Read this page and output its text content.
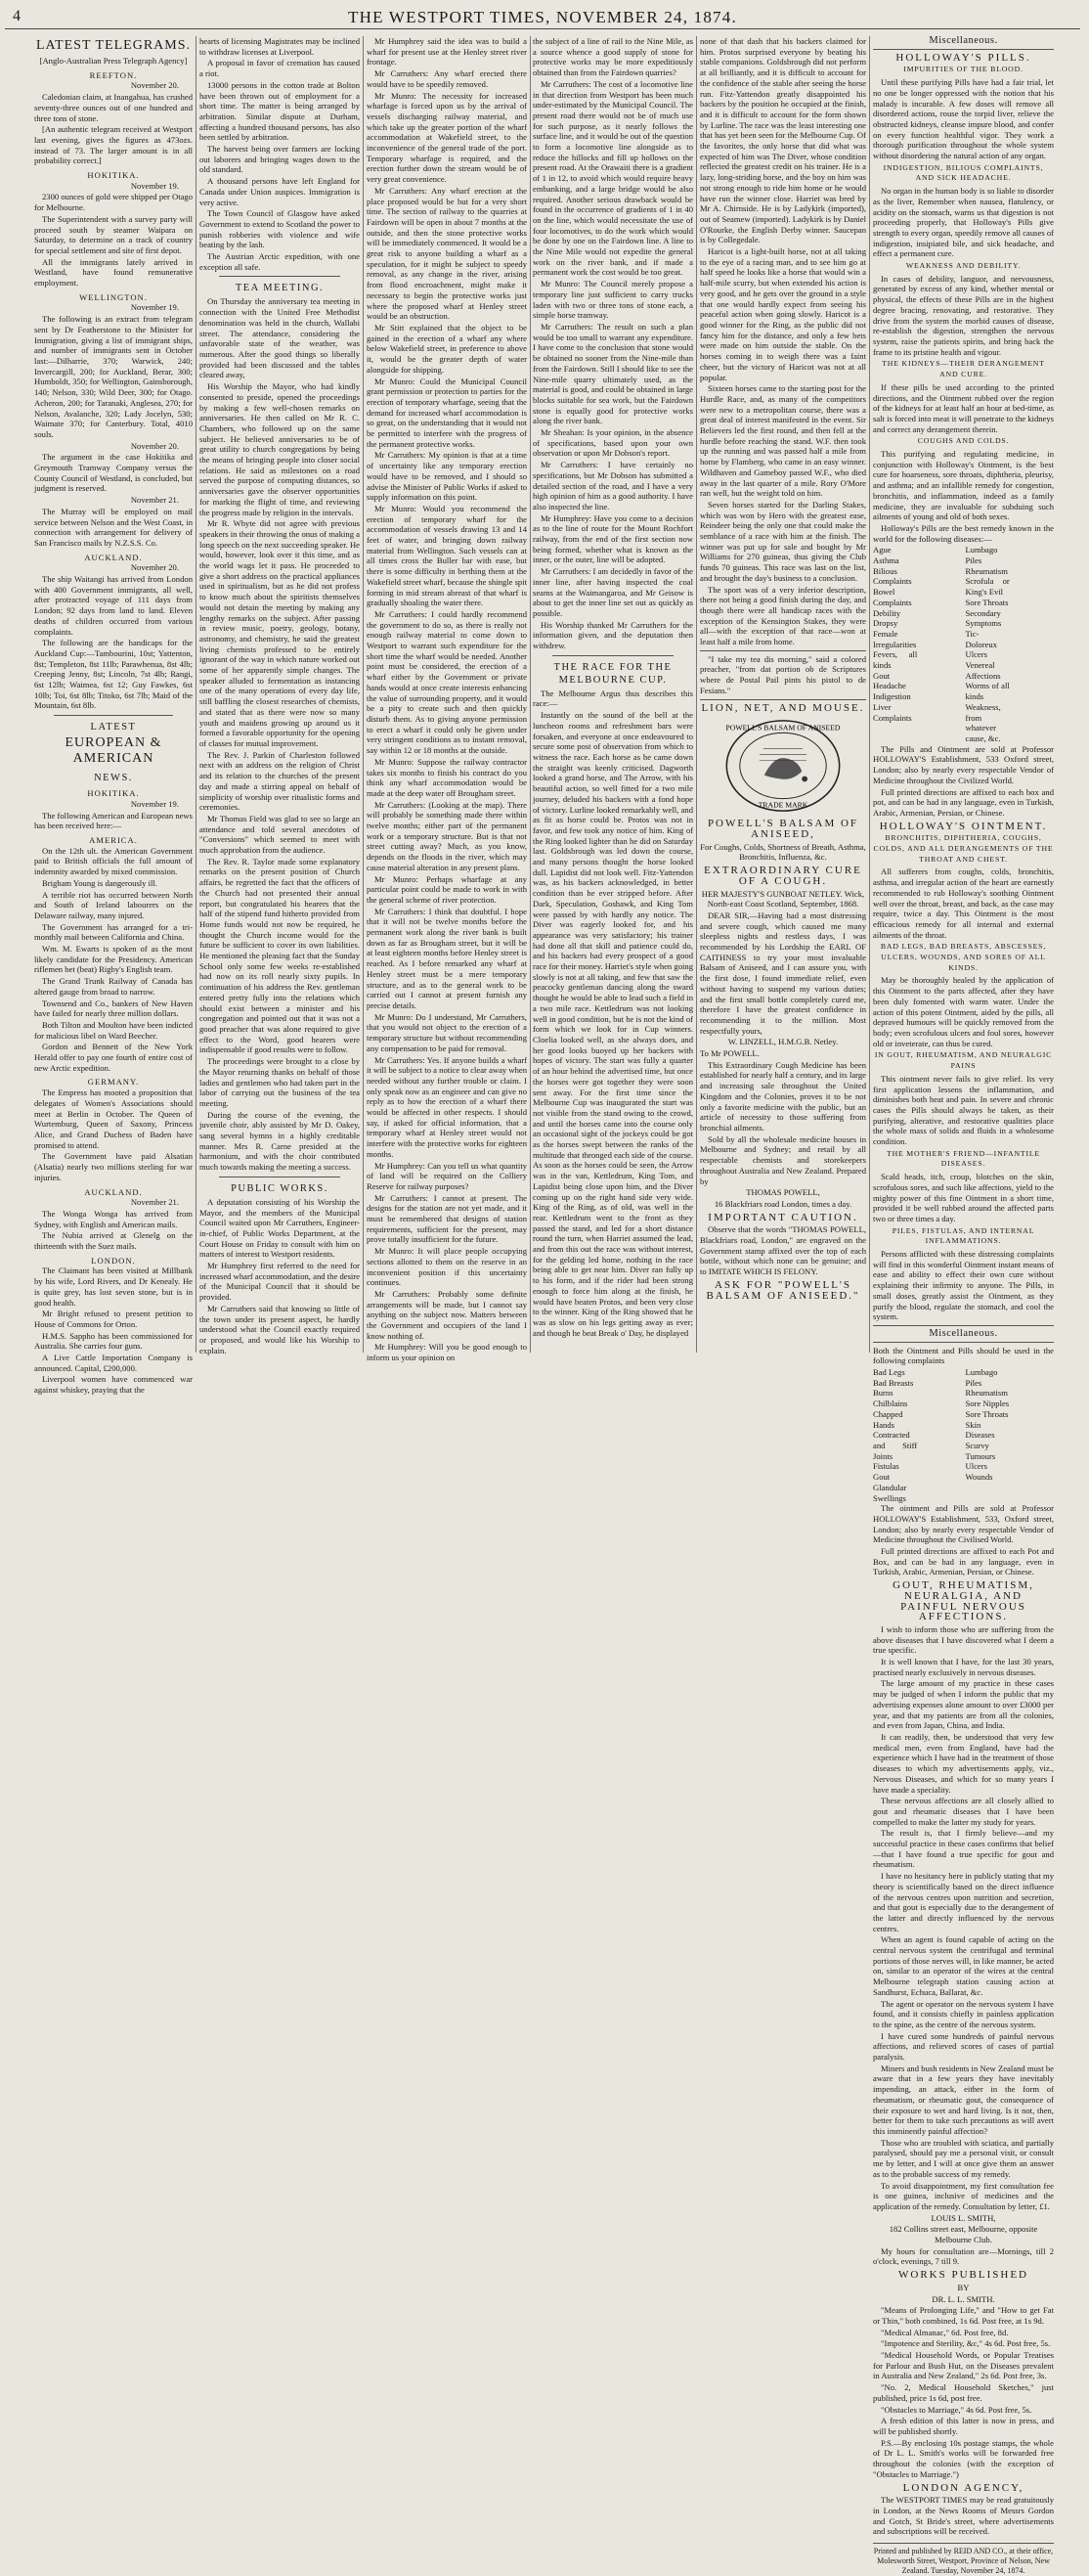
4	THE WESTPORT TIMES, NOVEMBER 24, 1874.
LATEST TELEGRAMS.
[Anglo-Australian Press Telegraph Agency]
REEFTON.

November 20.

Caledonian claim, at Inangahua, has crushed seventy-three ounces out of one hundred and three tons of stone.

[An authentic telegram received at Westport last evening, gives the figures as 473ozs. instead of 73. The larger amount is in all probability correct.]

HOKITIKA.

November 19.

2300 ounces of gold were shipped per Otago for Melbourne.

The Superintendent with a survey party will proceed south by steamer Waipara on Saturday, to determine on a track of country for special settlement and site of first depot.

All the immigrants lately arrived in Westland, have found remunerative employment.

WELLINGTON.

November 19.

The following is an extract from telegram sent by Dr Featherstone to the Minister for Immigration, giving a list of immigrant ships, and number of immigrants sent in October last:—Dilharrie, 370; Warwick, 240; Invercargill, 200; for Auckland, Berar, 300; Humboldt, 350; for Wellington, Gainsborough, 140; Nelson, 330; Wild Deer, 300; for Otago. Acheron, 200; for Taranaki, Anglesea, 270; for Nelson, Avalanche, 320; Lady Jocelyn, 530; Waimate 370; for Canterbury. Total, 4010 souls.

November 20.

The argument in the case Hokitika and Greymouth Tramway Company versus the County Council of Westland, is concluded, but judgment is reserved.

November 21.

The Murray will be employed on mail service between Nelson and the West Coast, in connection with arrangement for delivery of San Francisco mails by N.Z.S.S. Co.

AUCKLAND.

November 20.

The ship Waitangi has arrived from London with 400 Government immigrants, all well, after protracted voyage of 111 days from London; 92 days from land to land. Eleven deaths of children occurred from various complaints.

The following are the handicaps for the Auckland Cup:—Tambourini, 10st; Yattenton, 8st; Templeton, 8st 11lb; Parawhenua, 8st 4lb; Creeping Jenny, 8st; Lincoln, 7st 4lb; Rangi, 6st 12lb; Waimea, 6st 12; Guy Fawkes, 6st 10lb; Toi, 6st 8lb; Titoko, 6st 7lb; Maid of the Mountain, 6st 8lb.

LATEST
EUROPEAN & AMERICAN
NEWS.
HOKITIKA.

November 19.

The following American and European news has been received here:—

AMERICA.

On the 12th ult. the American Government paid to British officials the full amount of indemnity awarded by mixed commission.

Brigham Young is dangerously ill.

A terrible riot has occurred between North and South of Ireland labourers on the Delaware railway, many injured.

The Government has arranged for a tri-monthly mail between California and China.

Wm. M. Ewarts is spoken of as the most likely candidate for the Presidency. American riflemen bet (beat) Rigby's English team.

The Grand Trunk Railway of Canada has altered gauge from broad to narrow.

Townsend and Co., bankers of New Haven have failed for nearly three million dollars.

Both Tilton and Moulton have been indicted for malicious libel on Ward Beecher.

Gordon and Bennett of the New York Herald offer to pay one fourth of entire cost of new Arctic expedition.

GERMANY.

The Empress has mooted a proposition that delegates of Women's Associations should meet at Berlin in October. The Queen of Wurtemburg, Queen of Saxony, Princess Alice, and Grand Duchess of Baden have promised to attend.

The Government have paid Alsatian (Alsatia) nearly two millions sterling for war injuries.

AUCKLAND.

November 21.

The Wonga Wonga has arrived from Sydney, with English and American mails.

The Nubia arrived at Glenelg on the thirteenth with the Suez mails.

LONDON.

The Claimant has been visited at Millbank by his wife, Lord Rivers, and Dr Kenealy. He is quite grey, has lost seven stone, but is in good health.

Mr Bright refused to present petition to House of Commons for Orton.

H.M.S. Sappho has been commissioned for Australia. She carries four guns.

A Live Cattle Importation Company is announced. Capital, £200,000.

Liverpool women have commenced war against whiskey, praying that the

hearts of licensing Magistrates may be inclined to withdraw licenses at Liverpool.

A proposal in favor of cremation has caused a riot.

13000 persons in the cotton trade at Bolton have been thrown out of employment for a short time. The matter is being arranged by arbitration. Similar dispute at Durham, affecting a hundred thousand persons, has also been settled by arbitration.

The harvest being over farmers are locking out laborers and bringing wages down to the old standard.

A thousand persons have left England for Canada under Union auspices. Immigration is very active.

The Town Council of Glasgow have asked Government to extend to Scotland the power to punish robberies with violence and wife beating by the lash.

The Austrian Arctic expedition, with one exception all safe.

TEA MEETING.

On Thursday the anniversary tea meeting in connection with the United Free Methodist denomination was held in the church, Wallabi street. The attendance, considering the unfavorable state of the weather, was numerous. After the good things so liberally provided had been discussed and the tables cleared away,

His Worship the Mayor, who had kindly consented to preside, opened the proceedings by making a few well-chosen remarks on anniversaries. He then called on Mr R. C. Chambers, who followed up on the same subject. He believed anniversaries to be of great utility to church congregations by being the means of bringing people into closer social relations. He said as milestones on a road served the purpose of computing distances, so anniversaries gave the observer opportunities for marking the flight of time, and reviewing the progress made by religion in the intervals.

Mr R. Whyte did not agree with previous speakers in their throwing the onus of making a long speech on the next succeeding speaker. He would, however, look over it this time, and as the world wags let it pass. He proceeded to give a short address on the practical appliances used in spiritualism, but as he did not profess to know much about the spiritists themselves would not detain the meeting by making any lengthy remarks on the subject. After passing in review music, poetry, geology, botany, astronomy, and chemistry, he said the greatest living chemists professed to be entirely ignorant of the way in which nature worked out some of her apparently simple changes. The speaker alluded to fermentation as instancing one of the many operations of every day life, still baffling the closest researches of chemists, and stated that as there were now so many youth and maidens growing up around us it formed a favorable opportunity for the opening of classes for mutual improvement.

The Rev. J. Parkin of Charleston followed next with an address on the religion of Christ and its relation to the churches of the present day and made a stirring appeal on behalf of simplicity of worship over ritualistic forms and ceremonies.

Mr Thomas Field was glad to see so large an attendance and told several anecdotes of "Conversions" which seemed to meet with much approbation from the audience.

The Rev. R. Taylor made some explanatory remarks on the present position of Church affairs, he regretted the fact that the officers of the Church had not presented their annual report, but congratulated his hearers that the half of the stipend fund hitherto provided from Home funds would not now be required, he thought the Church income would for the future be sufficient to cover its own liabilities. He mentioned the pleasing fact that the Sunday School only some few weeks re-established had now on its roll nearly sixty pupils. In continuation of his address the Rev. gentleman entered pretty fully into the relations which should exist between a minister and his congregation and pointed out that it was not a good preacher that was alone required to give effect to the Word, good hearers were indispensable if good results were to follow.

The proceedings were brought to a close by the Mayor returning thanks on behalf of those ladies and gentlemen who had taken part in the labor of carrying out the business of the tea meeting.

During the course of the evening, the juvenile choir, ably assisted by Mr D. Oakey, sang several hymns in a highly creditable manner. Mrs R. Carne presided at the harmonium, and with the choir contributed much towards making the meeting a success.

PUBLIC WORKS.

A deputation consisting of his Worship the Mayor, and the members of the Municipal Council waited upon Mr Carruthers, Engineer-in-chief, of Public Works Department, at the Court House on Friday to consult with him on matters of interest to Westport residents.

Mr Humphrey first referred to the need for increased wharf accommodation, and the desire of the Municipal Council that it should be provided.

Mr Carruthers said that knowing so little of the town under its present aspect, he hardly understood what the Council exactly required or proposed, and would like his Worship to explain.

Mr Humphrey said the idea was to build a wharf for present use at the Henley street river frontage.

Mr Carruthers: Any wharf erected there would have to be speedily removed.

Mr Munro: The necessity for increased wharfage is forced upon us by the arrival of vessels discharging railway material, and which take up the greater portion of the wharf accommodation at Wakefield street, to the inconvenience of the general trade of the port. Temporary wharfage is required, and the erection further down the stream would be of very great convenience.

Mr Carruthers: Any wharf erection at the place proposed would be but for a very short time. The section of railway to the quarries at Fairdown will be open in about 7 months at the outside, and then the stone protective works will be immediately commenced. It would be a great risk to anyone building a wharf as a speculation, for it might be subject to speedy removal, as any change in the river, arising from flood encroachment, might make it necessary to begin the protective works just where the proposed wharf at Henley street would be an obstruction.

Mr Stitt explained that the object to be gained in the erection of a wharf any where below Wakefield street, in preference to above it, would be the greater depth of water alongside for shipping.

Mr Munro: Could the Municipal Council grant permission or protection to parties for the erection of temporary wharfage, seeing that the demand for increased wharf accommodation is so great, on the understanding that it would not be permitted to interfere with the progress of the permanent protective works.

Mr Carruthers: My opinion is that at a time of uncertainty like any temporary erection would have to be removed, and I should so advise the Minister of Public Works if asked to supply information on this point.

Mr Munro: Would you recommend the erection of temporary wharf for the accommodation of vessels drawing 13 and 14 feet of water, and bringing down railway material from Wellington. Such vessels can at all times cross the Buller bar with ease, but there is some difficulty in berthing them at the Wakefield street wharf, because the shingle spit forming in mid stream abreast of that wharf is gradually shoaling the water there.

Mr Carruthers: I could hardly recommend the government to do so, as there is really not enough railway material to come down to Westport to warrant such expenditure for the short time the wharf would be needed. Another point must be considered, the erection of a wharf either by the Government or private hands would at once create interests enhancing the value of surrounding property, and it would be a pity to create such and then quickly disturb them. As to giving anyone permission to erect a wharf it could only be given under very stringent conditions as to instant removal, say within 12 or 18 months at the outside.

Mr Munro: Suppose the railway contractor takes six months to finish his contract do you think any wharf accommodation would be made at the deep water off Brougham street.

Mr Carruthers: (Looking at the map). There will probably be something made there within twelve months; either part of the permanent work or a temporary structure. But is that not street cutting away? Much, as you know, depends on the floods in the river, which may cause material alteration in any present plans.

Mr Munro: Perhaps wharfage at any particular point could be made to work in with the general scheme of river protection.

Mr Carruthers: I think that doubtful. I hope that it will not be twelve months before the permanent work along the river bank is built down as far as Brougham street, but it will be at least eighteen months before Henley street is reached. As I before remarked any wharf at Henley street must be a mere temporary structure, and as to the general work to be carried out I cannot at present furnish any precise details.

Mr Munro: Do I understand, Mr Carruthers, that you would not object to the erection of a temporary structure but without recommending any compensation to be paid for removal.

Mr Carruthers: Yes. If anyone builds a wharf it will be subject to a notice to clear away when needed without any further trouble or claim. I only speak now as an engineer and can give no reply as to how the erection of a wharf there would be affected in other respects. I should say, if asked for official information, that a temporary wharf at Henley street would not interfere with the protective works for eighteen months.

Mr Humphrey: Can you tell us what quantity of land will be required on the Colliery Reserve for railway purposes?

Mr Carruthers: I cannot at present. The designs for the station are not yet made, and it must be remembered that designs of station requirements, sufficient for the present, may prove totally insufficient for the future.

Mr Munro: It will place people occupying sections allotted to them on the reserve in an inconvenient position if this uncertainty continues.

Mr Carruthers: Probably some definite arrangements will be made, but I cannot say anything on the subject now. Matters between the Government and occupiers of the land I know nothing of.

Mr Humphrey: Will you be good enough to inform us your opinion on

the subject of a line of rail to the Nine Mile, as a source whence a good supply of stone for protective works may be more expeditiously obtained than from the Fairdown quarries?

Mr Carruthers: The cost of a locomotive line in that direction from Westport has been much under-estimated by the Municipal Council. The present road there would not be of much use for such purpose, as it nearly follows the surface line, and it would be out of the question to form a locomotive line alongside as to reduce the hillocks and fill up hollows on the present road. At the Orawaiti there is a gradient of 1 in 12, to avoid which would require heavy embanking, and a large bridge would be also required. Another serious drawback would be found in the occurrence of gradients of 1 in 40 on the line, which would necessitate the use of four locomotives, to do the work which would be done by one on the Fairdown line. A line to the Nine Mile would not expedite the general work on the river bank, and if made a permanent work the cost would be too great.

Mr Munro: The Council merely propose a temporary line just sufficient to carry trucks laden with two or three tons of stone each, a simple horse tramway.

Mr Carruthers: The result on such a plan would be too small to warrant any expenditure. I have come to the conclusion that stone would be obtained no sooner from the Nine-mile than from the Fairdown. Still I should like to see the Nine-mile quarry ultimately used, as the material is good, and could be obtained in large blocks suitable for sea work, but the Fairdown stone is equally good for protective works along the river bank.

Mr Sheahan: Is your opinion, in the absence of specifications, based upon your own observation or upon Mr Dobson's report.

Mr Carruthers: I have certainly no specifications, but Mr Dobson has submitted a detailed section of the road, and I have a very high opinion of him as a good authority. I have also inspected the line.

Mr Humphrey: Have you come to a decision as to the line of route for the Mount Rochfort railway, from the end of the first section now being formed, whether what is known as the inner, or the outer, line will be adopted.

Mr Carruthers: I am decidedly in favor of the inner line, after having inspected the coal seams at the Waimangaroa, and Mr Geisow is about to get the inner line set out as quickly as possible.

His Worship thanked Mr Carruthers for the information given, and the deputation then withdrew.

THE RACE FOR THE MELBOURNE CUP.

The Melbourne Argus thus describes this race:—

Instantly on the sound of the bell at the luncheon rooms and refreshment bars were forsaken, and everyone at once endeavoured to secure some post of observation from which to witness the race. Each horse as he came down the straight was keenly criticised. Dagworth looked a grand horse, and The Arrow, with his beautiful action, so well fitted for a two mile journey, deluded his backers with a fond hope of victory. Lurline looked remarkably well, and as fit as horse could be. Protos was not in favor, and few took any notice of him. King of the Ring looked lighter than he did on Saturday last. Goldsbrough was led down the course, and many persons thought the horse looked dull. Lapidist did not look well. Fitz-Yattendon was, as his backers acknowledged, in better condition than he ever stripped before. After Dark, Speculation, Goshawk, and King Tom were passed by with hardly any notice. The Diver was eagerly looked for, and his appearance was very satisfactory; his trainer had done all that skill and patience could do, and his backers had every prospect of a good race for their money. Harriet's style when going slowly is not at all taking, and few that saw the peacocky gentleman dancing along the sward thought he would be able to lead such a field in a two mile race. Kettledrum was not looking well in good condition, but he is not the kind of form which we look for in Cup winners. Cloelia looked well, as she always does, and her good looks buoyed up her backers with hopes of victory. The start was fully a quarter of an hour behind the advertised time, but once the horses were got together they were soon sent away. For the first time since the Melbourne Cup was inaugurated the start was not visible from the stand owing to the crowd, and until the horses came into the course only an occasional sight of the jockeys could be got as the horses swept between the ranks of the multitude that thronged each side of the course. As soon as the horses could be seen, the Arrow was in the van, Kettledrum, King Tom, and Lapidist being close upon him, and the Diver coming up on the right hand side very wide. King of the Ring, as of old, was well in the rear. Kettledrum went to the front as they passed the stand, and led for a short distance round the turn, when Harriet assumed the lead, and from this out the race was without interest, for the gelding led home, nothing in the race being able to get near him. Diver ran fully up to his form, and if the rider had been strong enough to force him along at the finish, he would have beaten Protos, and been very close to the winner. King of the Ring showed that he was as slow on his legs getting away as ever; and though he beat Break o' Day, he displayed

none of that dash that his backers claimed for him. Protos surprised everyone by beating his stable companions. Goldsbrough did not perform at all brilliantly, and it is difficult to account for the confidence of the stable after seeing the horse run. Fitz-Yattendon greatly disappointed his backers by the position he occupied at the finish, and it is difficult to account for the form shown by Lurline. The race was the least interesting one that has yet been seen for the Melbourne Cup. Of the favorites, the only horse that did what was expected of him was The Diver, whose condition reflected the greatest credit on his trainer. He is a lazy, long-striding horse, and the boy on him was not strong enough to ride him home or he would have run the winner close. Harriet was bred by Mr A. Chirnside. He is by Ladykirk (imported), out of Seamew (imported). Ladykirk is by Daniel O'Rourke, the English Derby winner. Saucepan is by Collegedale.

Haricot is a light-built horse, not at all taking to the eye of a racing man, and to see him go at half speed he looks like a horse that would win a half-mile scurry, but when extended his action is very good, and he gets over the ground in a style that one would hardly expect from seeing his peaceful action when going slowly. Haricot is a good winner for the Ring, as the public did not fancy him for the distance, and only a few bets were made on him outside the stable. On the horses coming in to weigh there was a faint cheer, but the victory of Haricot was not at all popular.

Sixteen horses came to the starting post for the Hurdle Race, and, as many of the competitors were new to a metropolitan course, there was a great deal of interest manifested in the event. Sir Believers led the first round, and then fell at the hurdle before reaching the stand. W.F. then took up the running and was passed half a mile from home by Flamberg, who came in an easy winner. Wildhaven and Gameboy passed W.F., who died away in the last quarter of a mile. Rory O'More ran well, but the weight told on him.

Seven horses started for the Darling Stakes, which was won by Hero with the greatest ease, Reindeer being the only one that could make the semblance of a race with him at the finish. The winner was put up for sale and bought by Mr Williams for 270 guineas, thus giving the Club funds 70 guineas. This race was last on the list, and brought the day's business to a conclusion.

The sport was of a very inferior description, there not being a good finish during the day, and though there were all handicap races with the exception of the Kensington Stakes, they were all—with the exception of that race—won at least half a mile from home.

"I take my tea dis morning," said a colored preacher, "from dat portion ob de Scriptures where de Postal Pail pints his pistol to de Fesians."

LION, NET, AND MOUSE.
POWELL'S BALSAM OF ANISEED
TRADE MARK
POWELL'S BALSAM OF ANISEED,

For Coughs, Colds, Shortness of Breath, Asthma, Bronchitis, Influenza, &c.

EXTRAORDINARY CURE OF A COUGH.

HER MAJESTY'S GUNBOAT NETLEY. Wick, North-east Coast Scotland, September, 1868.

DEAR SIR,—Having had a most distressing and severe cough, which caused me many sleepless nights and restless days, I was recommended by his Lordship the EARL OF CAITHNESS to try your most invaluable Balsam of Aniseed, and I can assure you, with the first dose, I found immediate relief, even without having to suspend my various duties; and the first small bottle completely cured me, therefore I have the greatest confidence in recommending it to the million. Most respectfully yours,

W. LINZELL, H.M.G.B. Netley.

To Mr POWELL.

This Extraordinary Cough Medicine has been established for nearly half a century, and its large and increasing sale throughout the United Kingdom and the Colonies, proves it to be not only a favorite medicine with the public, but an article of necessity to those suffering from bronchial ailments.

Sold by all the wholesale medicine houses in Melbourne and Sydney; and retail by all respectable chemists and storekeepers throughout Australia and New Zealand. Prepared by

THOMAS POWELL,

16 Blackfriars road London, times a day.

IMPORTANT CAUTION.

Observe that the words "THOMAS POWELL, Blackfriars road, London," are engraved on the Government stamp affixed over the top of each bottle, without which none can be genuine; and to IMITATE WHICH IS FELONY.

ASK FOR "POWELL'S BALSAM OF ANISEED."
Miscellaneous.
HOLLOWAY'S PILLS.
IMPURITIES OF THE BLOOD.

Until these purifying Pills have had a fair trial, let no one be longer oppressed with the notion that his malady is incurable. A few doses will remove all disordered actions, rouse the torpid liver, relieve the obstructed kidneys, cleanse impure blood, and confer on every function healthful vigor. They work a thorough purification throughout the whole system without disordering the natural action of any organ.

INDIGESTION, BILIOUS COMPLAINTS, AND SICK HEADACHE.

No organ in the human body is so liable to disorder as the liver, Remember when nausea, flatulency, or acidity on the stomach, warns us that digestion is not proceeding properly, that Holloway's Pills give strength to every organ, speedily remove all causes of indigestion, insipiated bile, and sick headache, and effect a permanent cure.

WEAKNESS AND DEBILITY.

In cases of debility, languor, and nervousness, generated by excess of any kind, whether mental or physical, the effects of these Pills are in the highest degree bracing, renovating, and restorative. They drive from the system the morbid causes of disease, re-establish the digestion, strengthen the nervous system, raise the patients spirits, and bring back the frame to its pristine health and vigour.

THE KIDNEYS—THEIR DERANGEMENT AND CURE.

If these pills be used according to the printed directions, and the Ointment rubbed over the region of the kidneys for at least half an hour at bed-time, as salt is forced into meat it will penetrate to the kidneys and correct any derangement therein.

COUGHS AND COLDS.

This purifying and regulating medicine, in conjunction with Holloway's Ointment, is the best cure for hoarseness, sore throats, diphtheria, pleurisy, and asthma; and an infallible remedy for congestion, bronchitis, and inflammation, indeed as a family medicine, they are invaluable for subduing such ailments of young and old of both sexes.

Holloway's Pills are the best remedy known in the world for the following diseases:—

Ague
Asthma
Bilious Complaints
Bowel Complaints
Debility
Dropsy
Female Irregularities
Fevers, all kinds
Gout
Headache
Indigestion
Liver Complaints
Lumbago
Piles
Rheumatism
Scrofula or King's Evil
Sore Throats
Secondary Symptoms
Tic-Doloreux
Ulcers
Venereal Affections
Worms of all kinds
Weakness, from whatever cause, &c.

The Pills and Ointment are sold at Professor HOLLOWAY'S Establishment, 533 Oxford street, London; also by nearly every respectable Vendor of Medicine throughout the Civilized World.

Full printed directions are affixed to each box and pot, and can be had in any language, even in Turkish, Arabic, Armenian, Persian, or Chinese.

HOLLOWAY'S OINTMENT.
BRONCHITIS, DIPHTHERIA, COUGHS, COLDS, AND ALL DERANGEMENTS OF THE THROAT AND CHEST.

All sufferers from coughs, colds, bronchitis, asthma, and irregular action of the heart are earnestly recommended to rub Holloway's soothing Ointment well over the throat, breast, and back, as the case may require, twice a day. This Ointment is the most efficacious remedy for all internal and external ailments of the throat.

BAD LEGS, BAD BREASTS, ABSCESSES, ULCERS, WOUNDS, AND SORES OF ALL KINDS.

May be thoroughly healed by the application of this Ointment to the parts affected, after they have been duly fomented with warm water. Under the action of this potent Ointment, aided by the pills, all depraved humours will be quickly removed from the body; even scrofulous ulcers and foul sores, however old or inveterate, can thus be cured.

IN GOUT, RHEUMATISM, AND NEURALGIC PAINS

This ointment never fails to give relief. Its very first application lessens the inflammation, and diminishes both heat and pain. In severe and chronic cases the Pills should always be taken, as their purifying, alterative, and restorative qualities place the whole mass of solids and fluids in a wholesome condition.

THE MOTHER'S FRIEND—INFANTILE DISEASES.

Scald heads, itch, croup, blotches on the skin, scrofulous sores, and such like affections, yield to the mighty power of this fine Ointment in a short time, provided it be well rubbed around the affected parts two or three times a day.

PILES, FISTULAS, AND INTERNAL INFLAMMATIONS.

Persons afflicted with these distressing complaints will find in this wonderful Ointment instant means of ease and ability to effect their own cure without explaining their infirmity to anyone. The Pills, in small doses, greatly assist the Ointment, as they purify the blood, regulate the stomach, and cool the system.

Miscellaneous.

Both the Ointment and Pills should be used in the following complaints

Bad Legs
Bad Breasts
Burns
Chilblains
Chapped Hands
Contracted and Stiff Joints
Fistulas
Gout
Glandular Swellings
Lumbago
Piles
Rheumatism
Sore Nipples
Sore Throats
Skin Diseases
Scurvy
Tumours
Ulcers
Wounds

The ointment and Pills are sold at Professor HOLLOWAY'S Establishment, 533, Oxford street, London; also by nearly every respectable Vendor of Medicine throughout the Civilised World.

Full printed directions are affixed to each Pot and Box, and can be had in any language, even in Turkish, Arabic, Armenian, Persian, or Chinese.

GOUT, RHEUMATISM, NEURALGIA, AND PAINFUL NERVOUS AFFECTIONS.

I wish to inform those who are suffering from the above diseases that I have discovered what I deem a true specific.

It is well known that I have, for the last 30 years, practised nearly exclusively in nervous diseases.

The large amount of my practice in these cases may be judged of when I inform the public that my advertising expenses alone amount to over £3000 per year, and that my patients are from all the colonies, and even from Japan, China, and India.

It can readily, then, be understood that very few medical men, even from England, have had the experience which I have had in the treatment of those diseases to which my advertisements apply, viz., Nervous Diseases, and which for so many years I have made a speciality.

These nervous affections are all closely allied to gout and rheumatic diseases that I have been compelled to make the latter my study for years.

The result is, that I firmly believe—and my successful practice in these cases confirms that belief—that I have found a true specific for gout and rheumatism.

I have no hesitancy here in publicly stating that my theory is scientifically based on the direct influence of the nervous centres upon nutrition and secretion, and that gout is especially due to the derangement of the latter and directly influenced by the nervous centres.

When an agent is found capable of acting on the central nervous system the centrifugal and terminal portions of those nerves will, in like manner, be acted on, similar to an operator of the wires at the central Melbourne telegraph station causing action at Sandhurst, Echuca, Ballarat, &c.

The agent or operator on the nervous system I have found, and it consists chiefly in painless application to the spine, as the centre of the nervous system.

I have cured some hundreds of painful nervous affections, and relieved scores of cases of partial paralysis.

Miners and bush residents in New Zealand must be aware that in a few years they have inevitably impending, an attack, either in the form of rheumatism, or rheumatic gout, the consequence of their exposure to wet and hard living. Is it not, then, better for them to take such precautions as will avert this imminently painful affection?

Those who are troubled with sciatica, and partially paralysed, should pay me a personal visit, or consult me by letter, and I will at once give them an answer as to the probable success of my remedy.

To avoid disappointment, my first consultation fee is one guinea, inclusive of medicines and the application of the remedy. Consultation by letter, £1.

LOUIS L. SMITH,

182 Collins street east, Melbourne, opposite Melbourne Club.

My hours for consultation are—Mornings, till 2 o'clock, evenings, 7 till 9.

WORKS PUBLISHED

BY

DR. L. L. SMITH.

"Means of Prolonging Life," and "How to get Fat or Thin," both combined, 1s 6d. Post free, at 1s 9d.

"Medical Almanac," 6d. Post free, 8d.

"Impotence and Sterility, &c," 4s 6d. Post free, 5s.

"Medical Household Words, or Popular Treatises for Parlour and Bush Hut, on the Diseases prevalent in Australia and New Zealand," 2s 6d. Post free, 3s.

"No. 2, Medical Household Sketches," just published, price 1s 6d, post free.

"Obstacles to Marriage," 4s 6d. Post free, 5s.

A fresh edition of this latter is now in press, and will be published shortly.

P.S.—By enclosing 10s postage stamps, the whole of Dr L. L. Smith's works will be forwarded free throughout the colonies (with the exception of "Obstacles to Marriage.")

LONDON AGENCY,

The WESTPORT TIMES may be read gratuitously in London, at the News Rooms of Messrs Gordon and Gotch, St Bride's street, where advertisements and subscriptions will be received.

Printed and published by REID AND CO., at their office, Molesworth Street, Westport, Province of Nelson, New Zealand. Tuesday, November 24, 1874.
